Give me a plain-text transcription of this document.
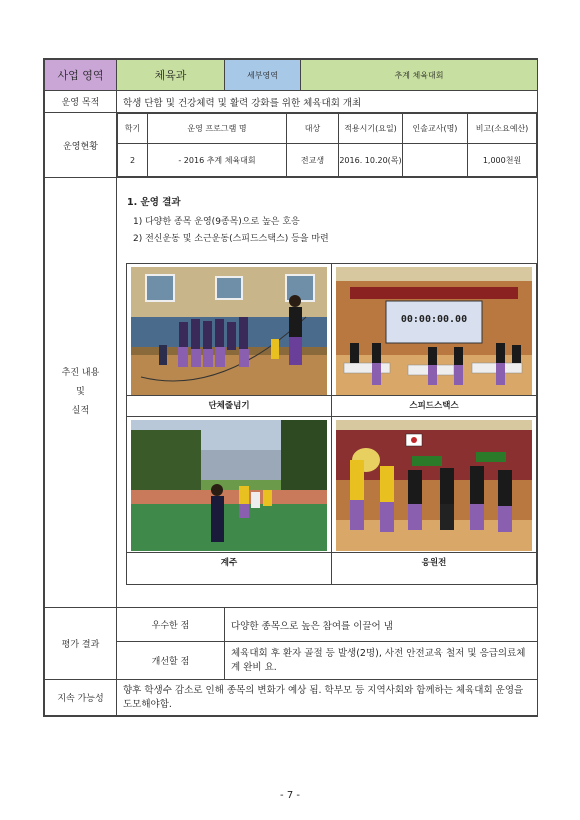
사업 영역	체육과		세부영역	추계 체육대회

운영 목적	학생 단합 및 건강체력 및 활력 강화를 위한 체육대회 개최
운영현황	
학기	운영 프로그램 명	대상	적용시기(요일)	인솔교사(명)	비고(소요예산)
2	- 2016 추계 체육대회	전교생	2016. 10.20(목)		1,000천원

추진 내용
및
실적

1. 운영 결과
1) 다양한 종목 운영(9종목)으로 높은 호응
2) 전신운동 및 소근운동(스피드스택스) 등을 마련
00:00:00.00
단체줄넘기	스피드스택스
계주	응원전

평가 결과	우수한 점	다양한 종목으로 높은 참여를 이끌어 냄
개선할 점	체육대회 후 환자 골절 등 발생(2명), 사전 안전교육 철저 및 응급의료체계 완비 요.
지속 가능성	향후 학생수 감소로 인해 종목의 변화가 예상 됨. 학부모 등 지역사회와 함께하는 체육대회 운영을 도모해야함.
- 7 -
